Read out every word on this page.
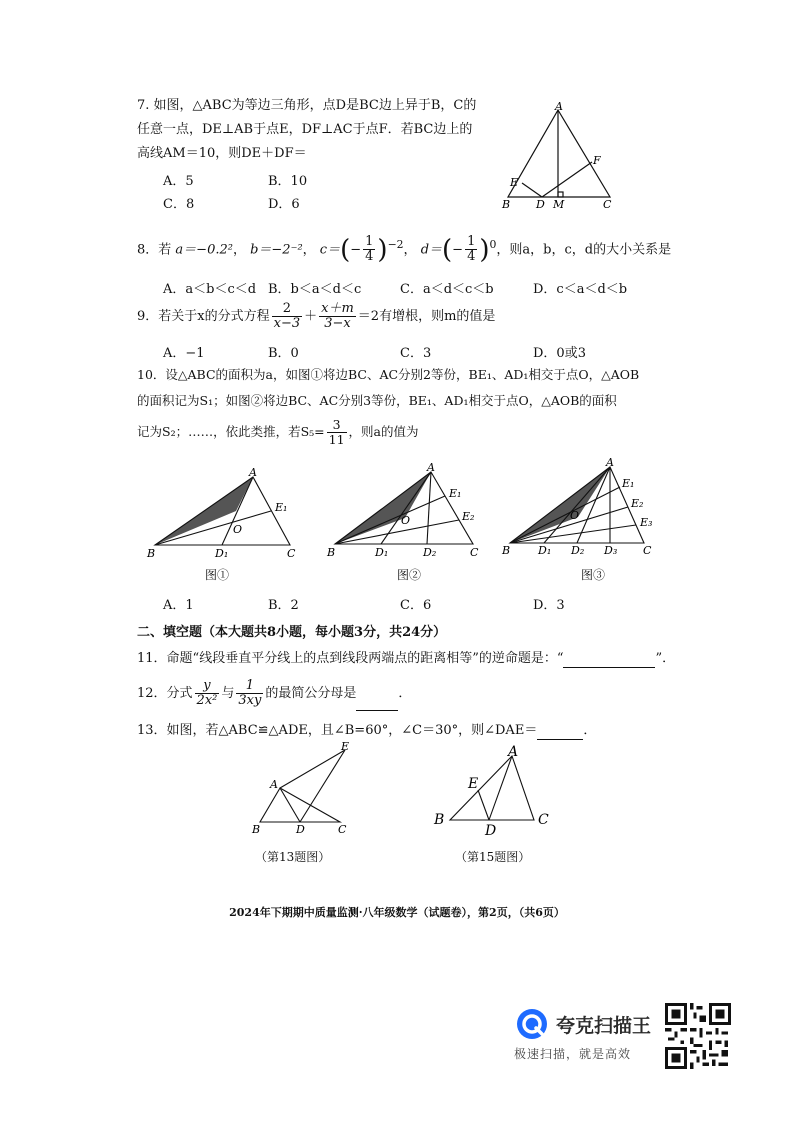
7. 如图，△ABC为等边三角形，点D是BC边上异于B，C的
任意一点，DE⊥AB于点E，DF⊥AC于点F．若BC边上的
高线AM＝10，则DE＋DF＝
A．5	B．10
C．8	D．6
A
B	C
D
E
F
M
8．若 a＝−0.2²， b＝−2⁻²， $c=(- \frac{1}{4} )^{-2}$， $d=(- \frac{1}{4} )^0$，则a，b，c，d的大小关系是
A．a＜b＜c＜d B．b＜a＜d＜c	C．a＜d＜c＜b	D．c＜a＜d＜b
9．若关于x的分式方程 $\frac{2}{x-3} + \frac{x+m}{3-x} =2$有增根，则m的值是
A．−1	B．0	C．3	D．0或3
10．设△ABC的面积为a，如图①将边BC、AC分别2等份，BE₁、AD₁相交于点O，△AOB
的面积记为S₁；如图②将边BC、AC分别3等份，BE₁、AD₁相交于点O，△AOB的面积
记为S₂；……，依此类推，若$S_5= \frac{3}{11}$ ，则a的值为
A
B	C
O
D₁
E₁
图①
A
B	C
O
D₁	D₂
E₁
E₂
图②
A
B	C
O
D₁ D₂ D₃
E₁
E₂
E₃
图③
A．1	B．2	C．6	D．3
二、填空题（本大题共8小题，每小题3分，共24分）
11．命题“线段垂直平分线上的点到线段两端点的距离相等”的逆命题是：“	”．
12．分式 $\frac{y}{\text{2x²}}$ 与 $\frac{1}{3xy}$ 的最简公分母是	．
13．如图，若△ABC≌△ADE，且∠B=60°，∠C＝30°，则∠DAE＝	．
A
B	C
D
E
（第13题图）
A
B	C
D
E
（第15题图）
2024年下期期中质量监测·八年级数学（试题卷），第2页，（共6页）
夸克扫描王
极速扫描，就是高效
